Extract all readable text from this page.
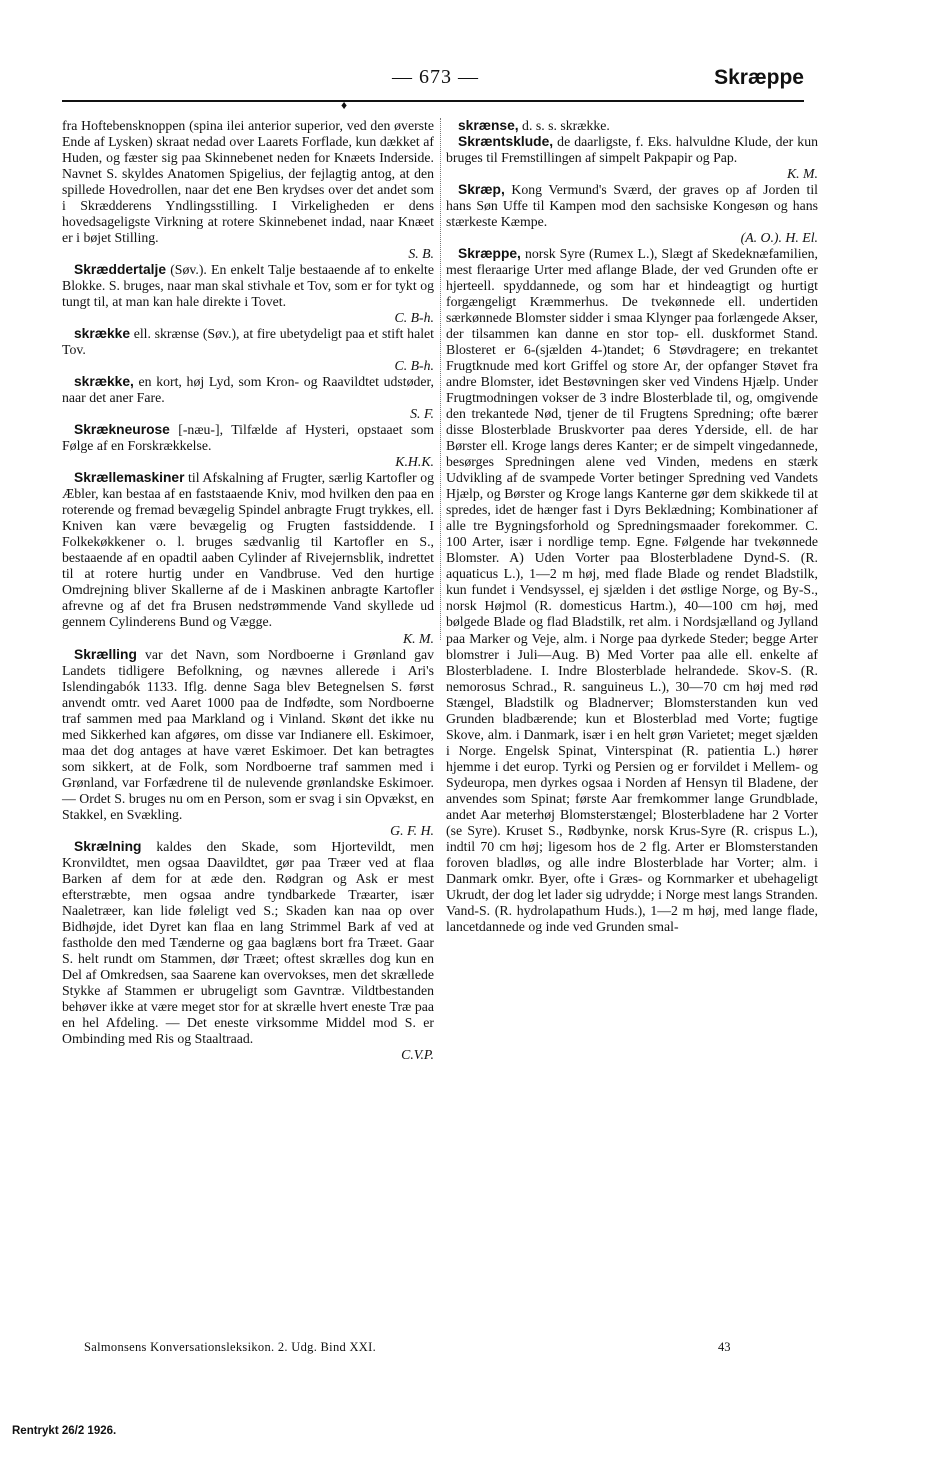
— 673 —	Skræppe
♦

fra Hoftebensknoppen (spina ilei anterior superior, ved den øverste Ende af Lysken) skraat nedad over Laarets Forflade, kun dækket af Huden, og fæster sig paa Skinnebenet neden for Knæets Inderside. Navnet S. skyldes Anatomen Spigelius, der fejlagtig antog, at den spillede Hovedrollen, naar det ene Ben krydses over det andet som i Skrædderens Yndlingsstilling. I Virkeligheden er dens hovedsageligste Virkning at rotere Skinnebenet indad, naar Knæet er i bøjet Stilling.
S. B.

Skræddertalje (Søv.). En enkelt Talje bestaaende af to enkelte Blokke. S. bruges, naar man skal stivhale et Tov, som er for tykt og tungt til, at man kan hale direkte i Tovet.
C. B-h.

skrække ell. skrænse (Søv.), at fire ubetydeligt paa et stift halet Tov.
C. B-h.

skrække, en kort, høj Lyd, som Kron- og Raavildtet udstøder, naar det aner Fare.
S. F.

Skrækneurose [-næu-], Tilfælde af Hysteri, opstaaet som Følge af en Forskrækkelse.
K.H.K.

Skrællemaskiner til Afskalning af Frugter, særlig Kartofler og Æbler, kan bestaa af en faststaaende Kniv, mod hvilken den paa en roterende og fremad bevægelig Spindel anbragte Frugt trykkes, ell. Kniven kan være bevægelig og Frugten fastsiddende. I Folkekøkkener o. l. bruges sædvanlig til Kartofler en S., bestaaende af en opadtil aaben Cylinder af Rivejernsblik, indrettet til at rotere hurtig under en Vandbruse. Ved den hurtige Omdrejning bliver Skallerne af de i Maskinen anbragte Kartofler afrevne og af det fra Brusen nedstrømmende Vand skyllede ud gennem Cylinderens Bund og Vægge.
K. M.

Skrælling var det Navn, som Nordboerne i Grønland gav Landets tidligere Befolkning, og nævnes allerede i Ari's Islendingabók 1133. Iflg. denne Saga blev Betegnelsen S. først anvendt omtr. ved Aaret 1000 paa de Indfødte, som Nordboerne traf sammen med paa Markland og i Vinland. Skønt det ikke nu med Sikkerhed kan afgøres, om disse var Indianere ell. Eskimoer, maa det dog antages at have været Eskimoer. Det kan betragtes som sikkert, at de Folk, som Nordboerne traf sammen med i Grønland, var Forfædrene til de nulevende grønlandske Eskimoer. — Ordet S. bruges nu om en Person, som er svag i sin Opvækst, en Stakkel, en Svækling.
G. F. H.

Skrælning kaldes den Skade, som Hjortevildt, men Kronvildtet, men ogsaa Daavildtet, gør paa Træer ved at flaa Barken af dem for at æde den. Rødgran og Ask er mest efterstræbte, men ogsaa andre tyndbarkede Træarter, især Naaletræer, kan lide føleligt ved S.; Skaden kan naa op over Bidhøjde, idet Dyret kan flaa en lang Strimmel Bark af ved at fastholde den med Tænderne og gaa baglæns bort fra Træet. Gaar S. helt rundt om Stammen, dør Træet; oftest skrælles dog kun en Del af Omkredsen, saa Saarene kan overvokses, men det skrællede Stykke af Stammen er ubrugeligt som Gavntræ. Vildtbestanden behøver ikke at være meget stor for at skrælle hvert eneste Træ paa en hel Afdeling. — Det eneste virksomme Middel mod S. er Ombinding med Ris og Staaltraad.
C.V.P.

skrænse, d. s. s. skrække.

Skræntsklude, de daarligste, f. Eks. halvuldne Klude, der kun bruges til Fremstillingen af simpelt Pakpapir og Pap.
K. M.

Skræp, Kong Vermund's Sværd, der graves op af Jorden til hans Søn Uffe til Kampen mod den sachsiske Kongesøn og hans stærkeste Kæmpe.
(A. O.). H. El.

Skræppe, norsk Syre (Rumex L.), Slægt af Skedeknæfamilien, mest fleraarige Urter med aflange Blade, der ved Grunden ofte er hjerteell. spyddannede, og som har et hindeagtigt og hurtigt forgængeligt Kræmmerhus. De tvekønnede ell. undertiden særkønnede Blomster sidder i smaa Klynger paa forlængede Akser, der tilsammen kan danne en stor top- ell. duskformet Stand. Blosteret er 6-(sjælden 4-)tandet; 6 Støvdragere; en trekantet Frugtknude med kort Griffel og store Ar, der opfanger Støvet fra andre Blomster, idet Bestøvningen sker ved Vindens Hjælp. Under Frugtmodningen vokser de 3 indre Blosterblade til, og, omgivende den trekantede Nød, tjener de til Frugtens Spredning; ofte bærer disse Blosterblade Bruskvorter paa deres Yderside, ell. de har Børster ell. Kroge langs deres Kanter; er de simpelt vingedannede, besørges Spredningen alene ved Vinden, medens en stærk Udvikling af de svampede Vorter betinger Spredning ved Vandets Hjælp, og Børster og Kroge langs Kanterne gør dem skikkede til at spredes, idet de hænger fast i Dyrs Beklædning; Kombinationer af alle tre Bygningsforhold og Spredningsmaader forekommer. C. 100 Arter, især i nordlige temp. Egne. Følgende har tvekønnede Blomster. A) Uden Vorter paa Blosterbladene Dynd-S. (R. aquaticus L.), 1—2 m høj, med flade Blade og rendet Bladstilk, kun fundet i Vendsyssel, ej sjælden i det østlige Norge, og By-S., norsk Højmol (R. domesticus Hartm.), 40—100 cm høj, med bølgede Blade og flad Bladstilk, ret alm. i Nordsjælland og Jylland paa Marker og Veje, alm. i Norge paa dyrkede Steder; begge Arter blomstrer i Juli—Aug. B) Med Vorter paa alle ell. enkelte af Blosterbladene. I. Indre Blosterblade helrandede. Skov-S. (R. nemorosus Schrad., R. sanguineus L.), 30—70 cm høj med rød Stængel, Bladstilk og Bladnerver; Blomsterstanden kun ved Grunden bladbærende; kun et Blosterblad med Vorte; fugtige Skove, alm. i Danmark, især i en helt grøn Varietet; meget sjælden i Norge. Engelsk Spinat, Vinterspinat (R. patientia L.) hører hjemme i det europ. Tyrki og Persien og er forvildet i Mellem- og Sydeuropa, men dyrkes ogsaa i Norden af Hensyn til Bladene, der anvendes som Spinat; første Aar fremkommer lange Grundblade, andet Aar meterhøj Blomsterstængel; Blosterbladene har 2 Vorter (se Syre). Kruset S., Rødbynke, norsk Krus-Syre (R. crispus L.), indtil 70 cm høj; ligesom hos de 2 flg. Arter er Blomsterstanden foroven bladløs, og alle indre Blosterblade har Vorter; alm. i Danmark omkr. Byer, ofte i Græs- og Kornmarker et ubehageligt Ukrudt, der dog let lader sig udrydde; i Norge mest langs Stranden. Vand-S. (R. hydrolapathum Huds.), 1—2 m høj, med lange flade, lancetdannede og inde ved Grunden smal-

Salmonsens Konversationsleksikon. 2. Udg. Bind XXI.	43
Rentrykt 26/2 1926.
